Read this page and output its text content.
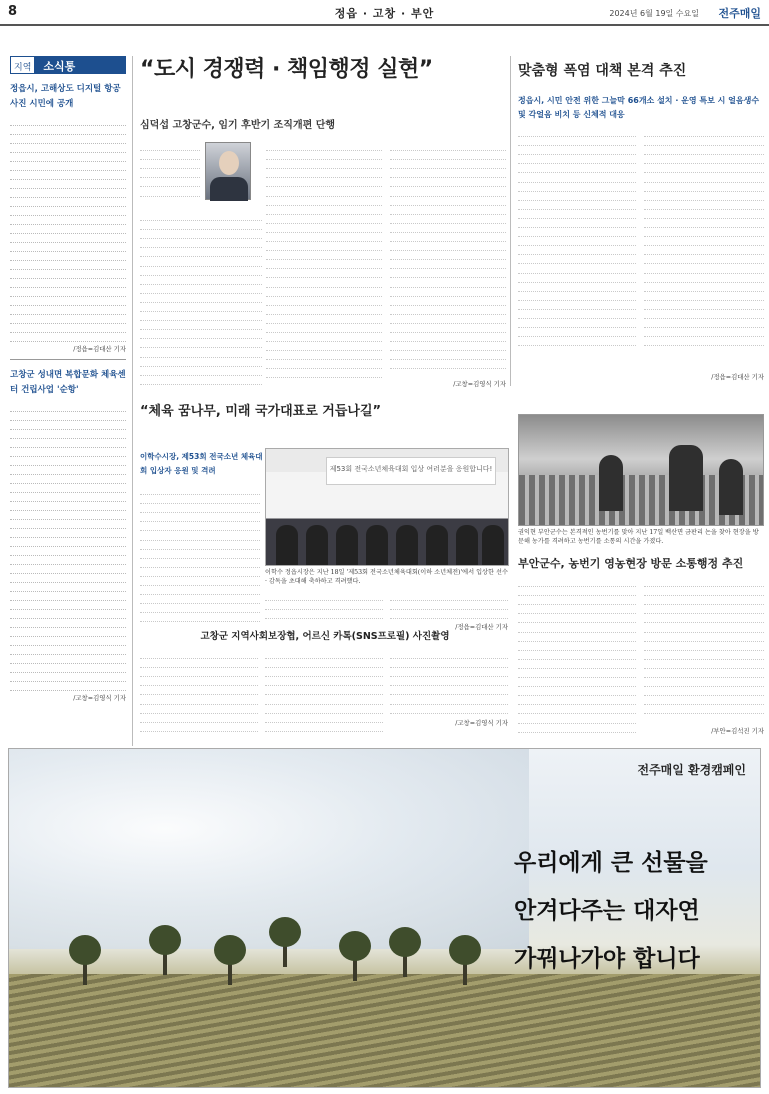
8	정읍 · 고창 · 부안	2024년 6월 19일 수요일 전주매일
지역	소식통
정읍시, 고해상도 디지털 항공사진 시민에 공개
/정읍=김대산 기자
고창군 성내면 복합문화 체육센터 건립사업 '순항'
/고창=김영식 기자
“도시 경쟁력 · 책임행정 실현”
심덕섭 고창군수, 임기 후반기 조직개편 단행
/고창=김영식 기자
맞춤형 폭염 대책 본격 추진
정읍시, 시민 안전 위한 그늘막 66개소 설치 · 운영 특보 시 얼음생수 및 각얼음 비치 등 신체적 대응
/정읍=김대산 기자
“체육 꿈나무, 미래 국가대표로 거듭나길”
이학수시장, 제53회 전국소년 체육대회 입상자 응원 및 격려	제53회 전국소년체육대회 입상 여러분을 응원합니다!
이학수 정읍시장은 지난 18일 '제53회 전국소년체육대회(이하 소년체전)'에서 입상한 선수 · 감독을 초대해 축하하고 격려했다.
/정읍=김대산 기자
권익현 부안군수는 본격적인 농번기를 맞아 지난 17일 백산면 금판리 논을 찾아 현장을 방문해 농가를 격려하고 농번기를 소통의 시간을 가졌다.
부안군수, 농번기 영농현장 방문 소통행정 추진
/부안=김석진 기자
고창군 지역사회보장협, 어르신 카톡(SNS프로필) 사진촬영
/고창=김영식 기자
전주매일 환경캠페인
우리에게 큰 선물을
안겨다주는 대자연
가꿔나가야 합니다
